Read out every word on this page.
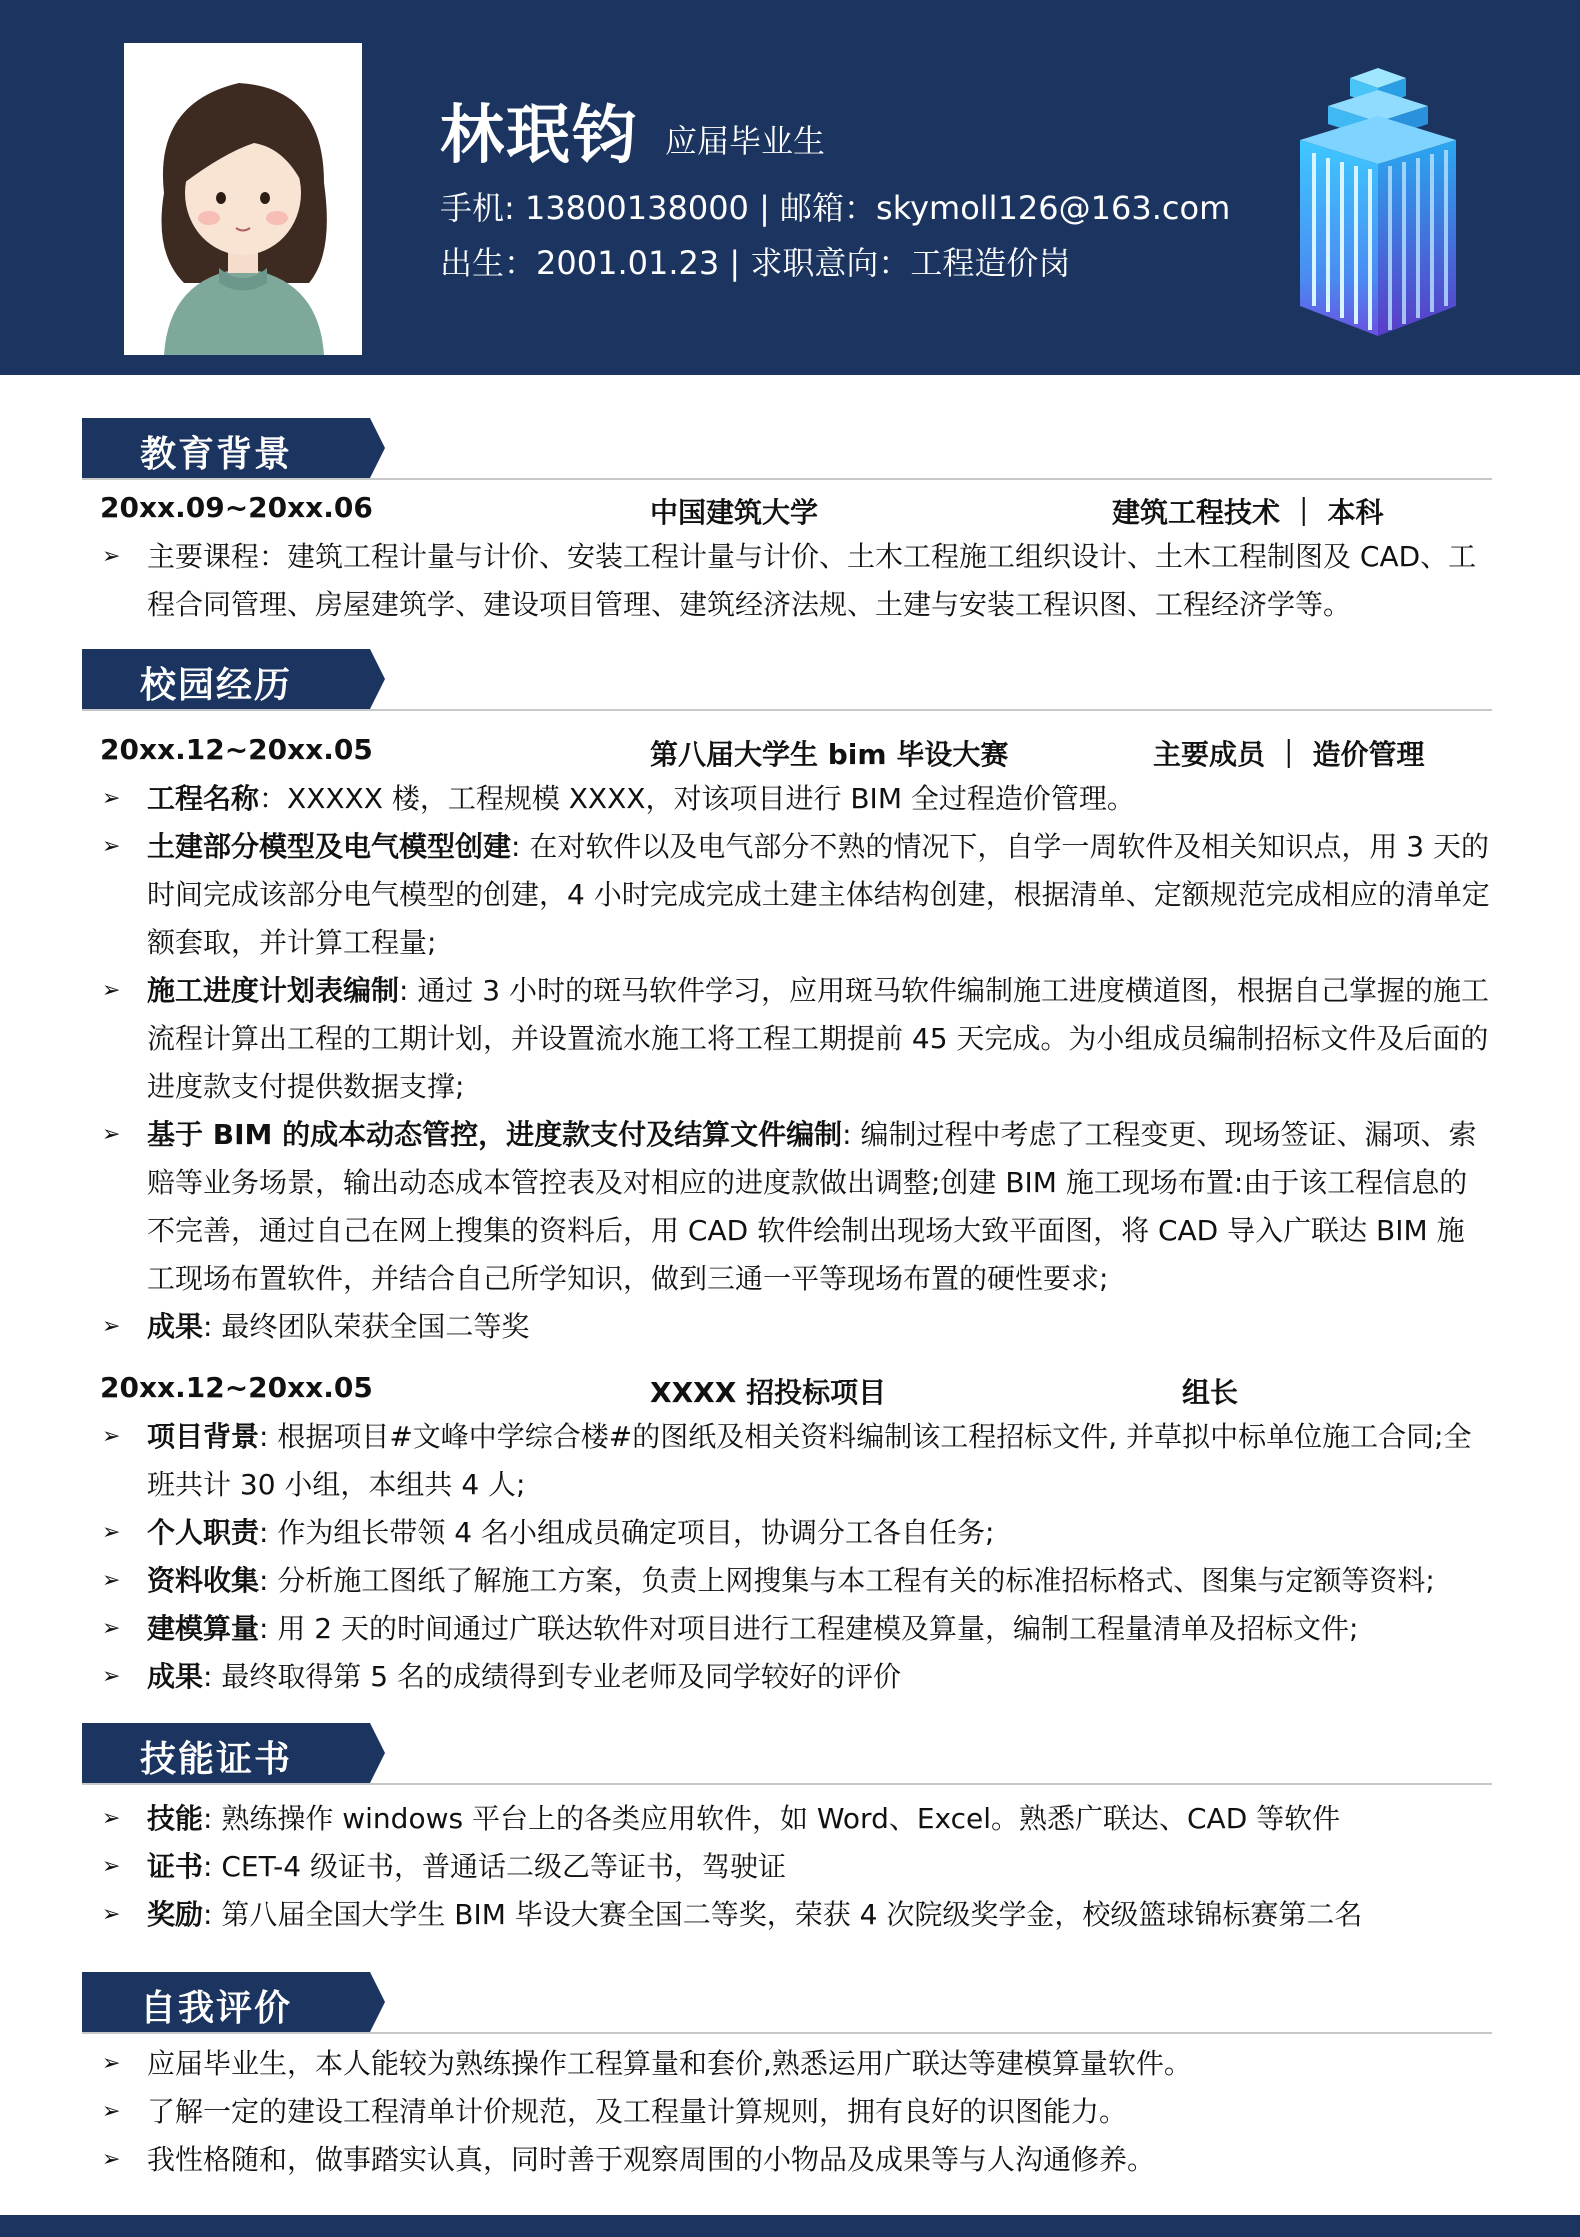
林珉钧 应届毕业生
手机: 13800138000 | 邮箱：skymoll126@163.com
出生：2001.01.23 | 求职意向：工程造价岗
教育背景
20xx.09~20xx.06	中国建筑大学	建筑工程技术 ｜ 本科
➢ 主要课程：建筑工程计量与计价、安装工程计量与计价、土木工程施工组织设计、土木工程制图及 CAD、工程合同管理、房屋建筑学、建设项目管理、建筑经济法规、土建与安装工程识图、工程经济学等。
校园经历
20xx.12~20xx.05	第八届大学生 bim 毕设大赛	主要成员 ｜ 造价管理
➢ 工程名称：XXXXX 楼，工程规模 XXXX，对该项目进行 BIM 全过程造价管理。
➢ 土建部分模型及电气模型创建: 在对软件以及电气部分不熟的情况下，自学一周软件及相关知识点，用 3 天的时间完成该部分电气模型的创建，4 小时完成完成土建主体结构创建，根据清单、定额规范完成相应的清单定额套取，并计算工程量;
➢ 施工进度计划表编制: 通过 3 小时的斑马软件学习，应用斑马软件编制施工进度横道图，根据自己掌握的施工流程计算出工程的工期计划，并设置流水施工将工程工期提前 45 天完成。为小组成员编制招标文件及后面的进度款支付提供数据支撑;
➢ 基于 BIM 的成本动态管控，进度款支付及结算文件编制: 编制过程中考虑了工程变更、现场签证、漏项、索赔等业务场景，输出动态成本管控表及对相应的进度款做出调整;创建 BIM 施工现场布置:由于该工程信息的不完善，通过自己在网上搜集的资料后，用 CAD 软件绘制出现场大致平面图，将 CAD 导入广联达 BIM 施工现场布置软件，并结合自己所学知识，做到三通一平等现场布置的硬性要求;
➢ 成果: 最终团队荣获全国二等奖
20xx.12~20xx.05	XXXX 招投标项目	组长
➢ 项目背景: 根据项目#文峰中学综合楼#的图纸及相关资料编制该工程招标文件, 并草拟中标单位施工合同;全班共计 30 小组，本组共 4 人;
➢ 个人职责: 作为组长带领 4 名小组成员确定项目，协调分工各自任务;
➢ 资料收集: 分析施工图纸了解施工方案，负责上网搜集与本工程有关的标准招标格式、图集与定额等资料;
➢ 建模算量: 用 2 天的时间通过广联达软件对项目进行工程建模及算量，编制工程量清单及招标文件;
➢ 成果: 最终取得第 5 名的成绩得到专业老师及同学较好的评价
技能证书
➢ 技能: 熟练操作 windows 平台上的各类应用软件，如 Word、Excel。熟悉广联达、CAD 等软件
➢ 证书: CET-4 级证书，普通话二级乙等证书，驾驶证
➢ 奖励: 第八届全国大学生 BIM 毕设大赛全国二等奖，荣获 4 次院级奖学金，校级篮球锦标赛第二名
自我评价
➢ 应届毕业生，本人能较为熟练操作工程算量和套价,熟悉运用广联达等建模算量软件。
➢ 了解一定的建设工程清单计价规范，及工程量计算规则，拥有良好的识图能力。
➢ 我性格随和，做事踏实认真，同时善于观察周围的小物品及成果等与人沟通修养。
